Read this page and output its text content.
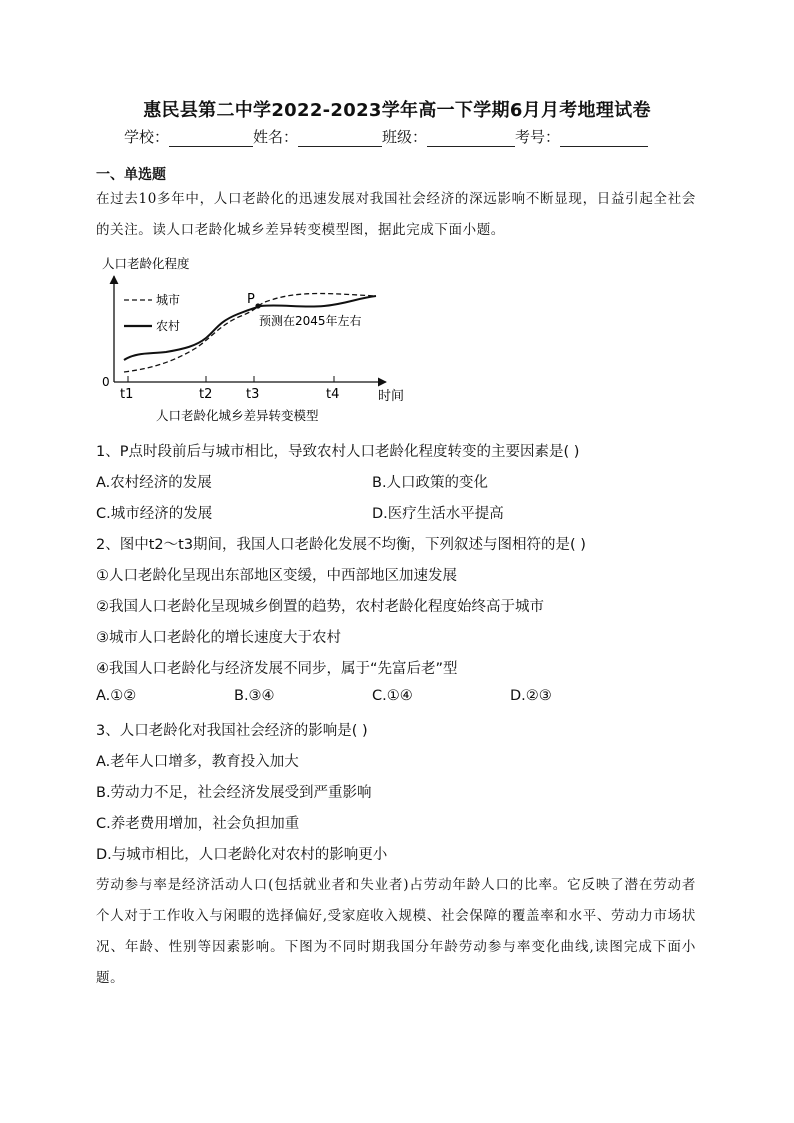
惠民县第二中学2022-2023学年高一下学期6月月考地理试卷
学校：	姓名：	班级：	考号：
一、单选题
在过去10多年中，人口老龄化的迅速发展对我国社会经济的深远影响不断显现，日益引起全社会的关注。读人口老龄化城乡差异转变模型图，据此完成下面小题。
人口老龄化程度
0
t1	t2	t3	t4	时间
城市
农村
P
预测在2045年左右
人口老龄化城乡差异转变模型
1、P点时段前后与城市相比，导致农村人口老龄化程度转变的主要因素是( )
A.农村经济的发展	B.人口政策的变化
C.城市经济的发展	D.医疗生活水平提高
2、图中t2～t3期间，我国人口老龄化发展不均衡，下列叙述与图相符的是( )
①人口老龄化呈现出东部地区变缓，中西部地区加速发展
②我国人口老龄化呈现城乡倒置的趋势，农村老龄化程度始终高于城市
③城市人口老龄化的增长速度大于农村
④我国人口老龄化与经济发展不同步，属于“先富后老”型
A.①②	B.③④	C.①④	D.②③
3、人口老龄化对我国社会经济的影响是( )
A.老年人口增多，教育投入加大
B.劳动力不足，社会经济发展受到严重影响
C.养老费用增加，社会负担加重
D.与城市相比，人口老龄化对农村的影响更小
劳动参与率是经济活动人口(包括就业者和失业者)占劳动年龄人口的比率。它反映了潜在劳动者个人对于工作收入与闲暇的选择偏好,受家庭收入规模、社会保障的覆盖率和水平、劳动力市场状况、年龄、性别等因素影响。下图为不同时期我国分年龄劳动参与率变化曲线,读图完成下面小题。
